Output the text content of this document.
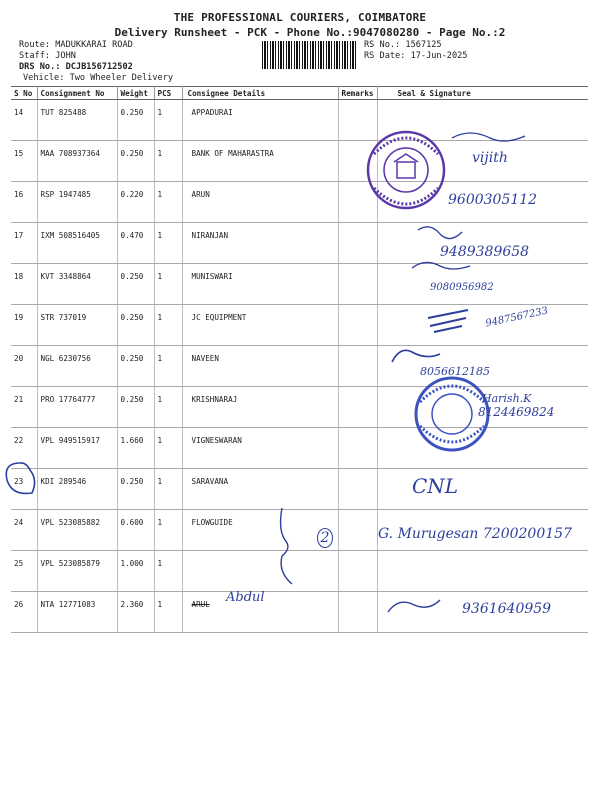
THE PROFESSIONAL COURIERS, COIMBATORE
Delivery Runsheet - PCK - Phone No.:9047080280 - Page No.:2
Route: MADUKKARAI ROAD
Staff: JOHN
DRS No.: DCJB156712502
Vehicle: Two Wheeler Delivery
RS No.: 1567125
RS Date: 17-Jun-2025
S No	Consignment No	Weight	PCS	Consignee Details	Remarks	Seal & Signature
14	TUT 825488	0.250	1	APPADURAI		
15	MAA 708937364	0.250	1	BANK OF MAHARASTRA		
16	RSP 1947485	0.220	1	ARUN		
17	IXM 508516405	0.470	1	NIRANJAN		
18	KVT 3348864	0.250	1	MUNISWARI		
19	STR 737019	0.250	1	JC EQUIPMENT		
20	NGL 6230756	0.250	1	NAVEEN		
21	PRO 17764777	0.250	1	KRISHNARAJ		
22	VPL 949515917	1.660	1	VIGNESWARAN		
23	KDI 289546	0.250	1	SARAVANA		
24	VPL 523085882	0.600	1	FLOWGUIDE		
25	VPL 523085879	1.000	1			
26	NTA 12771083	2.360	1	ARUL		
vijith
9600305112
9489389658
9080956982
9487567233
8056612185
Harish.K
8124469824
CNL
G. Murugesan 7200200157
2
Abdul
9361640959
